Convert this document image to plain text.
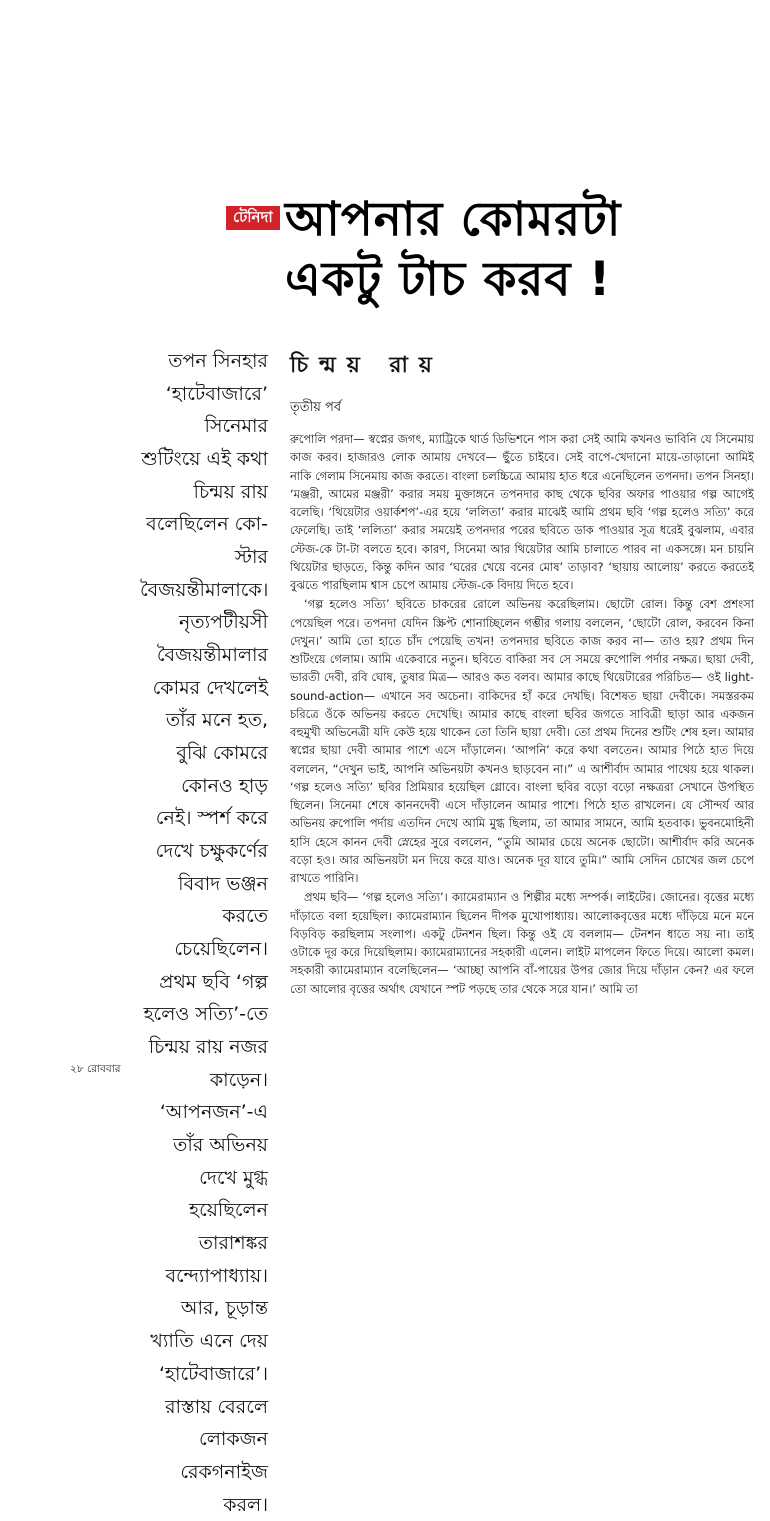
টেনিদা আপনার কোমরটা
একটু টাচ করব !
তপন সিনহার ‘হাটেবাজারে’ সিনেমার শুটিংয়ে এই কথা চিন্ময় রায় বলেছিলেন কো-স্টার বৈজয়ন্তীমালাকে। নৃত্যপটীয়সী বৈজয়ন্তীমালার কোমর দেখলেই তাঁর মনে হত, বুঝি কোমরে কোনও হাড় নেই। স্পর্শ করে দেখে চক্ষুকর্ণের বিবাদ ভঞ্জন করতে চেয়েছিলেন। প্রথম ছবি ‘গল্প হলেও সত্যি’-তে চিন্ময় রায় নজর কাড়েন। ‘আপনজন’-এ তাঁর অভিনয় দেখে মুগ্ধ হয়েছিলেন তারাশঙ্কর বন্দ্যোপাধ্যায়। আর, চূড়ান্ত খ্যাতি এনে দেয় ‘হাটেবাজারে’। রাস্তায় বেরলে লোকজন রেকগনাইজ করল।
চিন্ময় রায়
তৃতীয় পর্ব

রুপোলি পরদা— স্বপ্নের জগৎ, ম্যাট্রিকে থার্ড ডিভিশনে পাস করা সেই আমি কখনও ভাবিনি যে সিনেমায় কাজ করব। হাজারও লোক আমায় দেখবে— ছুঁতে চাইবে। সেই বাপে-খেদানো মায়ে-তাড়ানো আমিই নাকি গেলাম সিনেমায় কাজ করতে। বাংলা চলচ্চিত্রে আমায় হাত ধরে এনেছিলেন তপনদা। তপন সিনহা। ‘মঞ্জরী, আমের মঞ্জরী’ করার সময় মুক্তাঙ্গনে তপনদার কাছ থেকে ছবির অফার পাওয়ার গল্প আগেই বলেছি। ‘থিয়েটার ওয়ার্কশপ’-এর হয়ে ‘ললিতা’ করার মাঝেই আমি প্রথম ছবি ‘গল্প হলেও সত্যি’ করে ফেলেছি। তাই ‘ললিতা’ করার সময়েই তপনদার পরের ছবিতে ডাক পাওয়ার সূত্র ধরেই বুঝলাম, এবার স্টেজ-কে টা-টা বলতে হবে। কারণ, সিনেমা আর থিয়েটার আমি চালাতে পারব না একসঙ্গে। মন চায়নি থিয়েটার ছাড়তে, কিন্তু কদিন আর ‘ঘরের খেয়ে বনের মোষ’ তাড়াব? ‘ছায়ায় আলোয়’ করতে করতেই বুঝতে পারছিলাম শ্বাস চেপে আমায় স্টেজ-কে বিদায় দিতে হবে।

‘গল্প হলেও সত্যি’ ছবিতে চাকরের রোলে অভিনয় করেছিলাম। ছোটো রোল। কিন্তু বেশ প্রশংসা পেয়েছিল পরে। তপনদা যেদিন স্ক্রিপ্ট শোনাচ্ছিলেন গম্ভীর গলায় বললেন, ‘ছোটো রোল, করবেন কিনা দেখুন।’ আমি তো হাতে চাঁদ পেয়েছি তখন! তপনদার ছবিতে কাজ করব না— তাও হয়? প্রথম দিন শুটিংয়ে গেলাম। আমি একেবারে নতুন। ছবিতে বাকিরা সব সে সময়ে রুপোলি পর্দার নক্ষত্র। ছায়া দেবী, ভারতী দেবী, রবি ঘোষ, তুষার মিত্র— আরও কত বলব। আমার কাছে থিয়েটারের পরিচিত— ওই light-sound-action— এখানে সব অচেনা। বাকিদের হাঁ করে দেখছি। বিশেষত ছায়া দেবীকে। সমস্তরকম চরিত্রে ওঁকে অভিনয় করতে দেখেছি। আমার কাছে বাংলা ছবির জগতে সাবিত্রী ছাড়া আর একজন বহুমুখী অভিনেত্রী যদি কেউ হয়ে থাকেন তো তিনি ছায়া দেবী। তো প্রথম দিনের শুটিং শেষ হল। আমার স্বপ্নের ছায়া দেবী আমার পাশে এসে দাঁড়ালেন। ‘আপনি’ করে কথা বলতেন। আমার পিঠে হাত দিয়ে বললেন, “দেখুন ভাই, আপনি অভিনয়টা কখনও ছাড়বেন না।” এ আশীর্বাদ আমার পাথেয় হয়ে থাকল। ‘গল্প হলেও সত্যি’ ছবির প্রিমিয়ার হয়েছিল গ্লোবে। বাংলা ছবির বড়ো বড়ো নক্ষত্ররা সেখানে উপস্থিত ছিলেন। সিনেমা শেষে কাননদেবী এসে দাঁড়ালেন আমার পাশে। পিঠে হাত রাখলেন। যে সৌন্দর্য আর অভিনয় রুপোলি পর্দায় এতদিন দেখে আমি মুগ্ধ ছিলাম, তা আমার সামনে, আমি হতবাক। ভুবনমোহিনী হাসি হেসে কানন দেবী স্নেহের সুরে বললেন, “তুমি আমার চেয়ে অনেক ছোটো। আশীর্বাদ করি অনেক বড়ো হও। আর অভিনয়টা মন দিয়ে করে যাও। অনেক দূর যাবে তুমি।” আমি সেদিন চোখের জল চেপে রাখতে পারিনি।

প্রথম ছবি— ‘গল্প হলেও সত্যি’। ক্যামেরাম্যান ও শিল্পীর মধ্যে সম্পর্ক। লাইটের। জোনের। বৃত্তের মধ্যে দাঁড়াতে বলা হয়েছিল। ক্যামেরাম্যান ছিলেন দীপক মুখোপাধ্যায়। আলোকবৃত্তের মধ্যে দাঁড়িয়ে মনে মনে বিড়বিড় করছিলাম সংলাপ। একটু টেনশন ছিল। কিন্তু ওই যে বললাম— টেনশন ধাতে সয় না। তাই ওটাকে দূর করে দিয়েছিলাম। ক্যামেরাম্যানের সহকারী এলেন। লাইট মাপলেন ফিতে দিয়ে। আলো কমল। সহকারী ক্যামেরাম্যান বলেছিলেন— ‘আচ্ছা আপনি বাঁ-পায়ের উপর জোর দিয়ে দাঁড়ান কেন? এর ফলে তো আলোর বৃত্তের অর্থাৎ যেখানে স্পট পড়ছে তার থেকে সরে যান।’ আমি তা

২৮ রোববার
